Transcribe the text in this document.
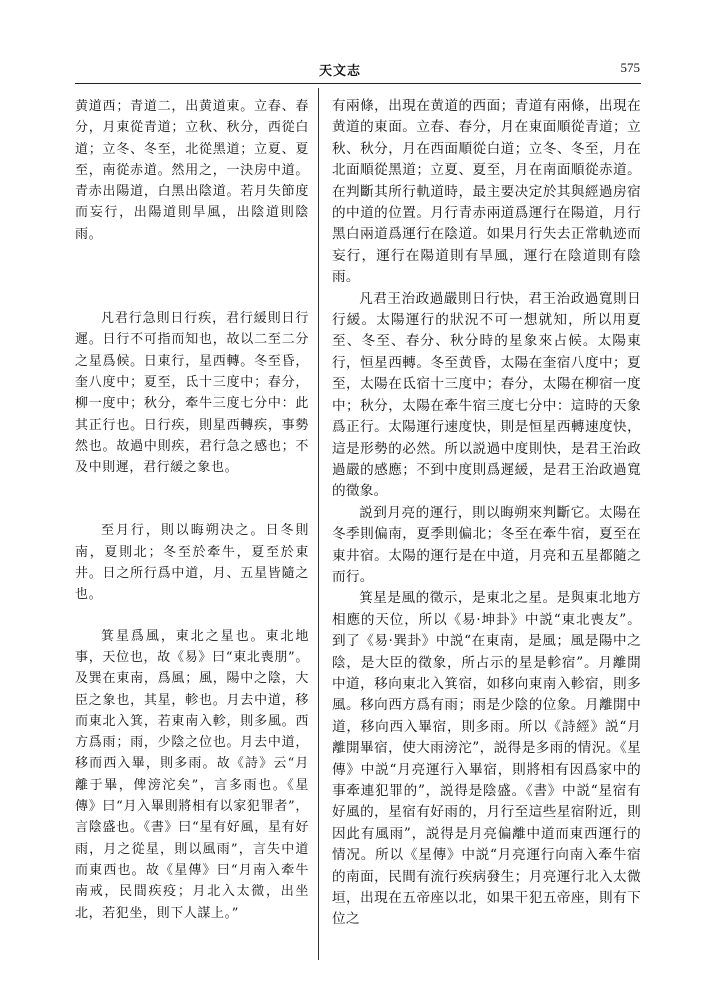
天文志	575

黄道西；青道二，出黄道東。立春、春分，月東從青道；立秋、秋分，西從白道；立冬、冬至，北從黑道；立夏、夏至，南從赤道。然用之，一決房中道。青赤出陽道，白黑出陰道。若月失節度而妄行，出陽道則旱風，出陰道則陰雨。

凡君行急則日行疾，君行緩則日行遲。日行不可指而知也，故以二至二分之星爲候。日東行，星西轉。冬至昏，奎八度中；夏至，氐十三度中；春分，柳一度中；秋分，牽牛三度七分中：此其正行也。日行疾，則星西轉疾，事勢然也。故過中則疾，君行急之感也；不及中則遲，君行緩之象也。

至月行，則以晦朔决之。日冬則南，夏則北；冬至於牽牛，夏至於東井。日之所行爲中道，月、五星皆隨之也。

箕星爲風，東北之星也。東北地事，天位也，故《易》曰“東北喪朋”。及巽在東南，爲風；風，陽中之陰，大臣之象也，其星，軫也。月去中道，移而東北入箕，若東南入軫，則多風。西方爲雨；雨，少陰之位也。月去中道，移而西入畢，則多雨。故《詩》云“月離于畢，俾滂沱矣”，言多雨也。《星傳》曰“月入畢則將相有以家犯罪者”，言陰盛也。《書》曰“星有好風，星有好雨，月之從星，則以風雨”，言失中道而東西也。故《星傳》曰“月南入牽牛南戒，民間疾疫；月北入太微，出坐北，若犯坐，則下人謀上。”

有兩條，出現在黄道的西面；青道有兩條，出現在黄道的東面。立春、春分，月在東面順從青道；立秋、秋分，月在西面順從白道；立冬、冬至，月在北面順從黑道；立夏、夏至，月在南面順從赤道。在判斷其所行軌道時，最主要决定於其與經過房宿的中道的位置。月行青赤兩道爲運行在陽道，月行黑白兩道爲運行在陰道。如果月行失去正常軌迹而妄行，運行在陽道則有旱風，運行在陰道則有陰雨。

凡君王治政過嚴則日行快，君王治政過寬則日行緩。太陽運行的狀況不可一想就知，所以用夏至、冬至、春分、秋分時的星象來占候。太陽東行，恒星西轉。冬至黄昏，太陽在奎宿八度中；夏至，太陽在氐宿十三度中；春分，太陽在柳宿一度中；秋分，太陽在牽牛宿三度七分中：這時的天象爲正行。太陽運行速度快，則是恒星西轉速度快，這是形勢的必然。所以説過中度則快，是君王治政過嚴的感應；不到中度則爲遲緩，是君王治政過寬的徵象。

説到月亮的運行，則以晦朔來判斷它。太陽在冬季則偏南，夏季則偏北；冬至在牽牛宿，夏至在東井宿。太陽的運行是在中道，月亮和五星都隨之而行。

箕星是風的徵示，是東北之星。是與東北地方相應的天位，所以《易·坤卦》中説“東北喪友”。到了《易·巽卦》中説“在東南，是風；風是陽中之陰，是大臣的徵象，所占示的星是軫宿”。月離開中道，移向東北入箕宿，如移向東南入軫宿，則多風。移向西方爲有雨；雨是少陰的位象。月離開中道，移向西入畢宿，則多雨。所以《詩經》説“月離開畢宿，使大雨滂沱”，説得是多雨的情況。《星傳》中説“月亮運行入畢宿，則將相有因爲家中的事牽連犯罪的”，説得是陰盛。《書》中説“星宿有好風的，星宿有好雨的，月行至這些星宿附近，則因此有風雨”，説得是月亮偏離中道而東西運行的情况。所以《星傳》中説“月亮運行向南入牽牛宿的南面，民間有流行疾病發生；月亮運行北入太微垣，出現在五帝座以北，如果干犯五帝座，則有下位之
